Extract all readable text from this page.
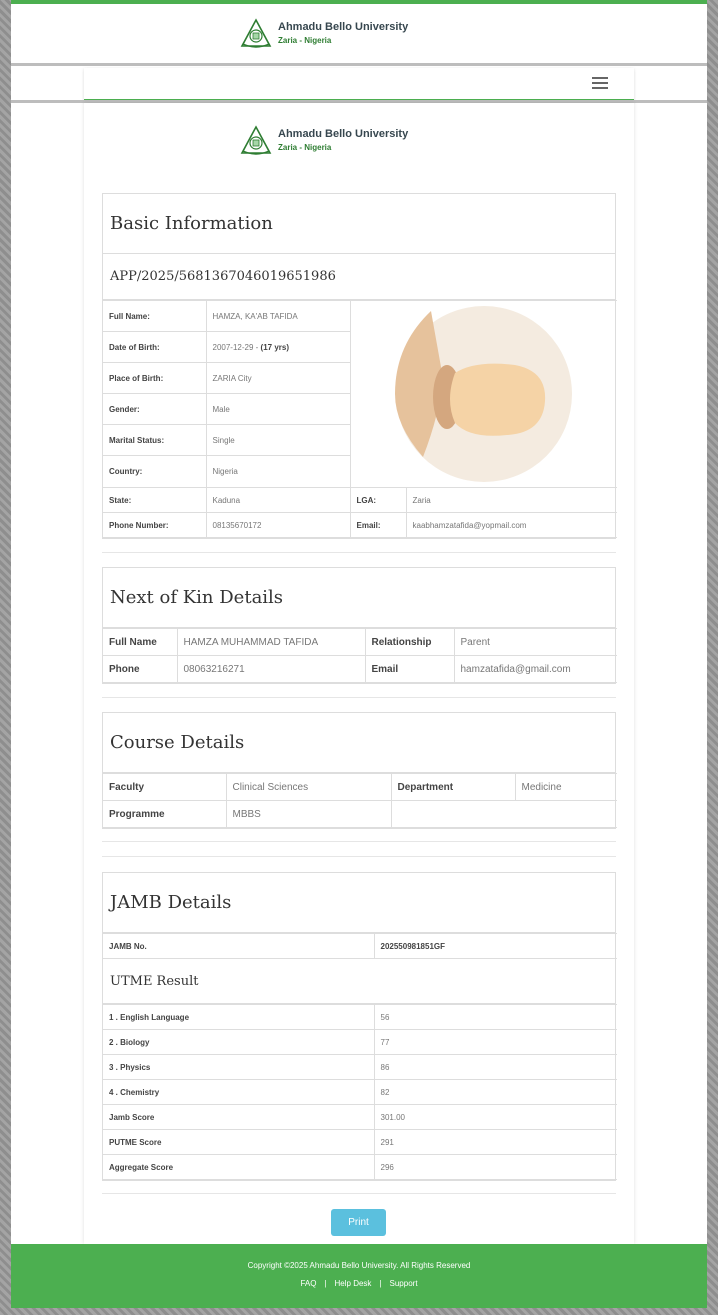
Ahmadu Bello University
Zaria - Nigeria
Ahmadu Bello University
Zaria - Nigeria
Basic Information
APP/2025/5681367046019651986
Full Name:	HAMZA, KA'AB TAFIDA	

Date of Birth:	2007-12-29 - (17 yrs)		
Place of Birth:	ZARIA City		
Gender:	Male		
Marital Status:	Single		
Country:	Nigeria		
State:	Kaduna	LGA:	Zaria
Phone Number:	08135670172	Email:	kaabhamzatafida@yopmail.com
Next of Kin Details
Full Name	HAMZA MUHAMMAD TAFIDA	Relationship	Parent
Phone	08063216271	Email	hamzatafida@gmail.com
Course Details
Faculty	Clinical Sciences	Department	Medicine
Programme	MBBS		
JAMB Details
JAMB No.	202550981851GF
UTME Result
1 . English Language	56
2 . Biology	77
3 . Physics	86
4 . Chemistry	82
Jamb Score	301.00
PUTME Score	291
Aggregate Score	296
Print
Copyright ©2025 Ahmadu Bello University. All Rights Reserved
FAQ | Help Desk | Support
